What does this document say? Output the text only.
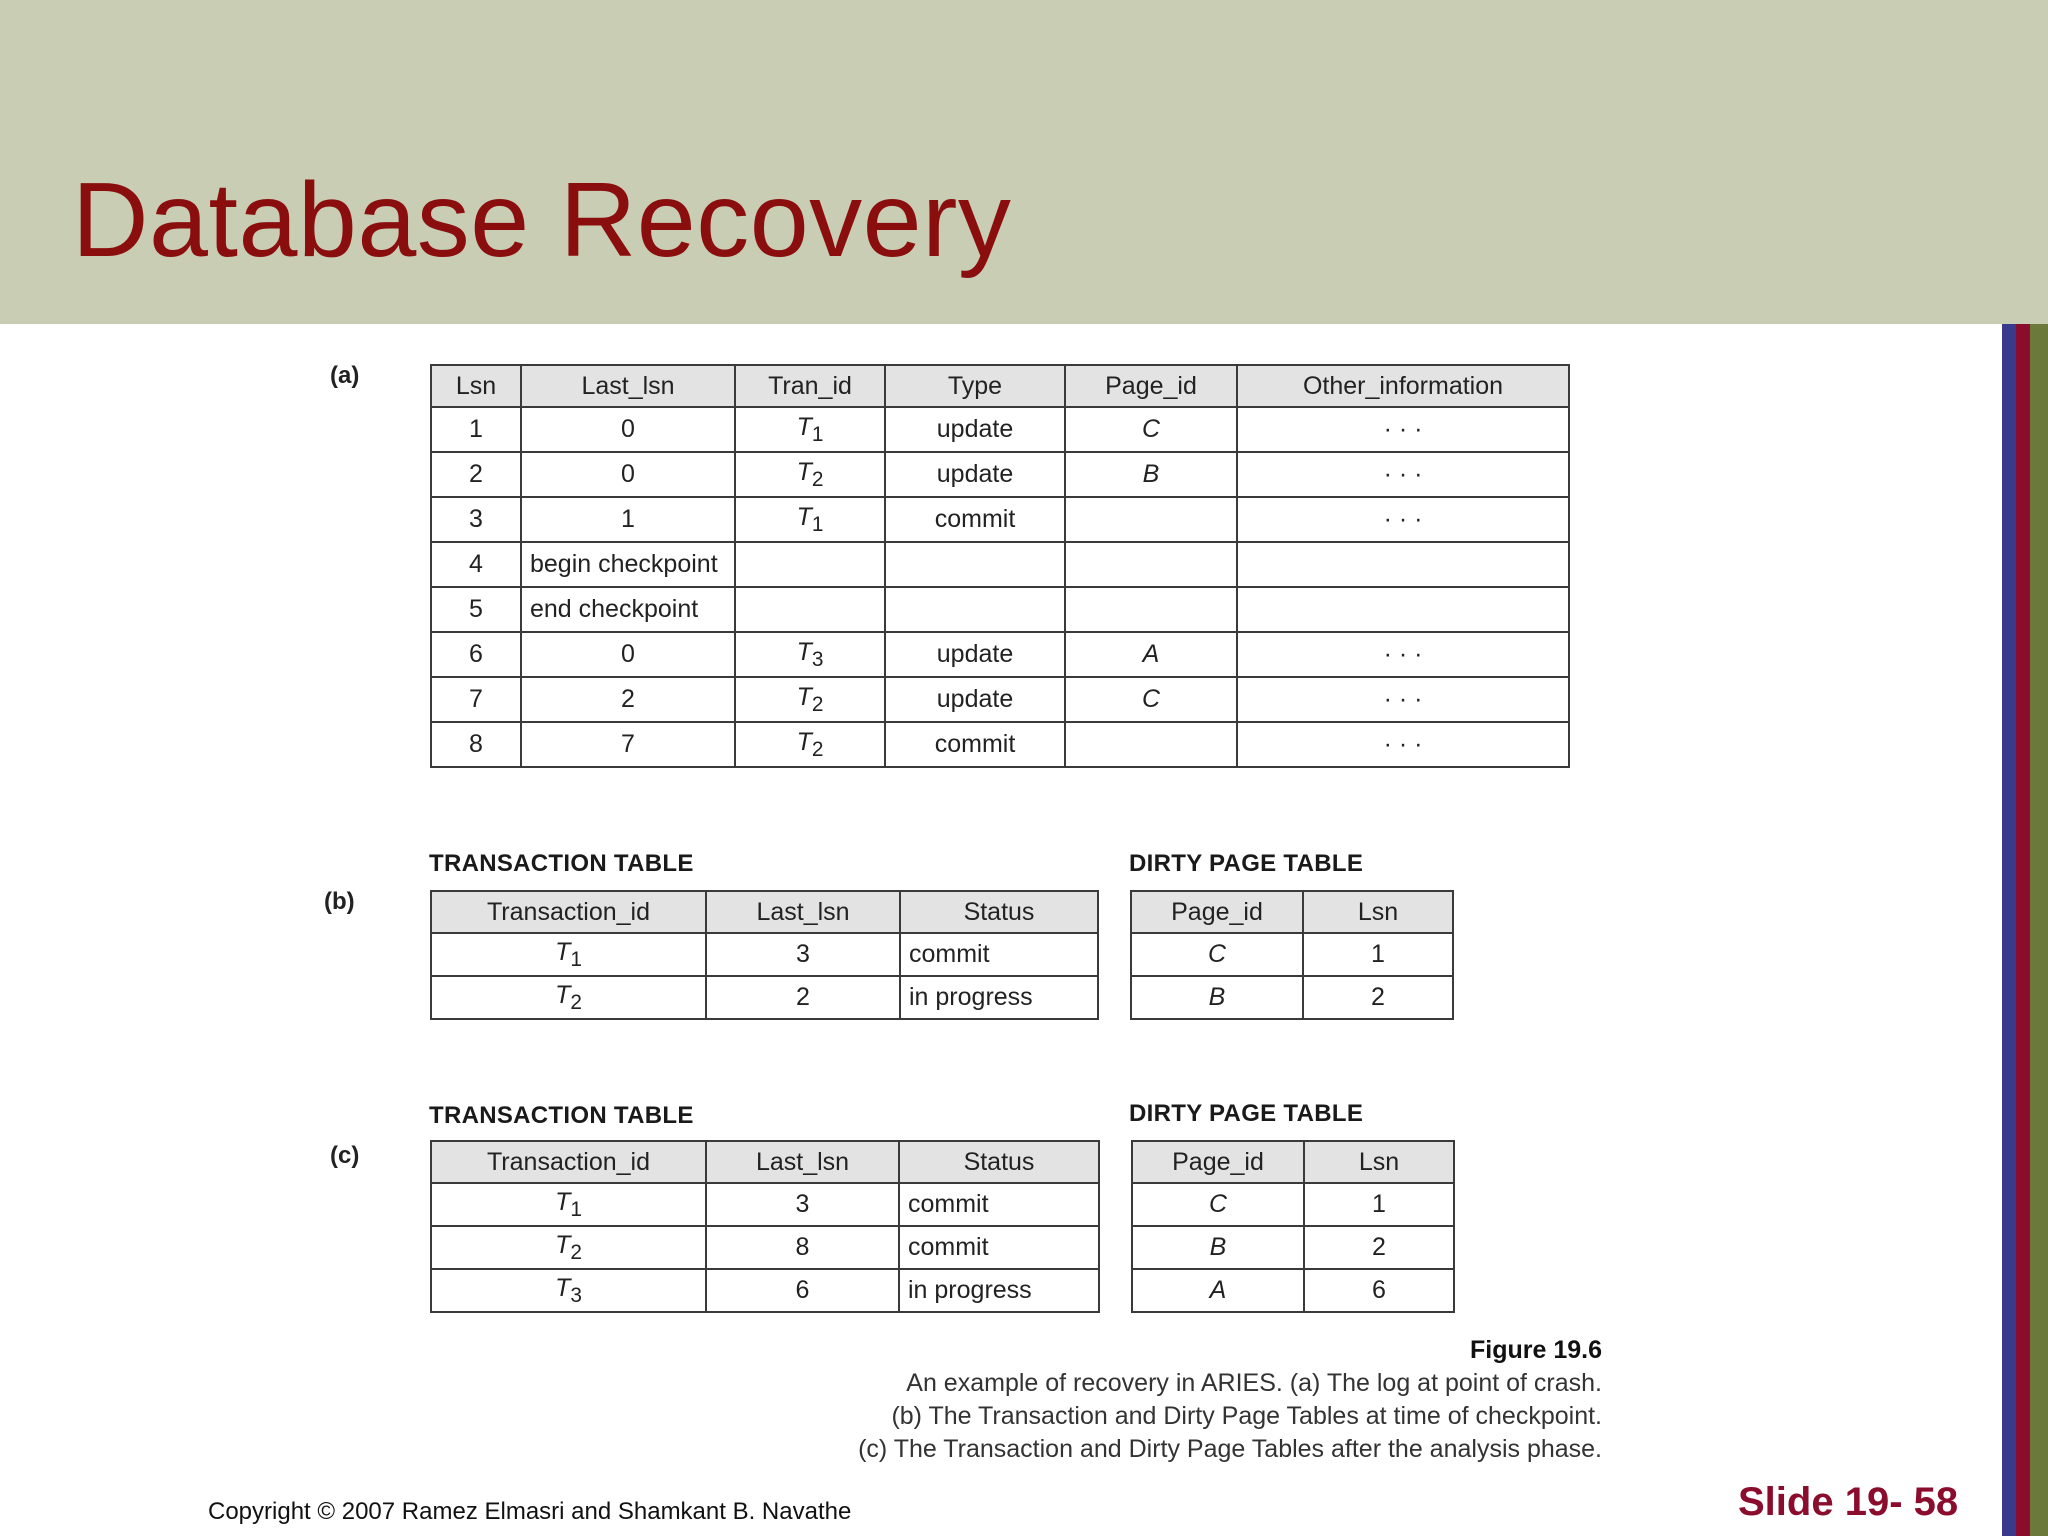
Database Recovery
(a)	Lsn	Last_lsn	Tran_id	Type	Page_id	Other_information
1	0	$T_1$	update	C	· · ·
2	0	$T_2$	update	B	· · ·
3	1	$T_1$	commit		· · ·
4	begin checkpoint				
5	end checkpoint				
6	0	$T_3$	update	A	· · ·
7	2	$T_2$	update	C	· · ·
8	7	$T_2$	commit		· · ·
(b)
TRANSACTION TABLE
Transaction_id	Last_lsn	Status
$T_1$	3	commit
$T_2$	2	in progress
DIRTY PAGE TABLE
Page_id	Lsn
C	1
B	2
(c)
TRANSACTION TABLE
Transaction_id	Last_lsn	Status
$T_1$	3	commit
$T_2$	8	commit
$T_3$	6	in progress
DIRTY PAGE TABLE
Page_id	Lsn
C	1
B	2
A	6
Figure 19.6
An example of recovery in ARIES. (a) The log at point of crash.
(b) The Transaction and Dirty Page Tables at time of checkpoint.
(c) The Transaction and Dirty Page Tables after the analysis phase.
Copyright © 2007 Ramez Elmasri and Shamkant B. Navathe	Slide 19- 58
